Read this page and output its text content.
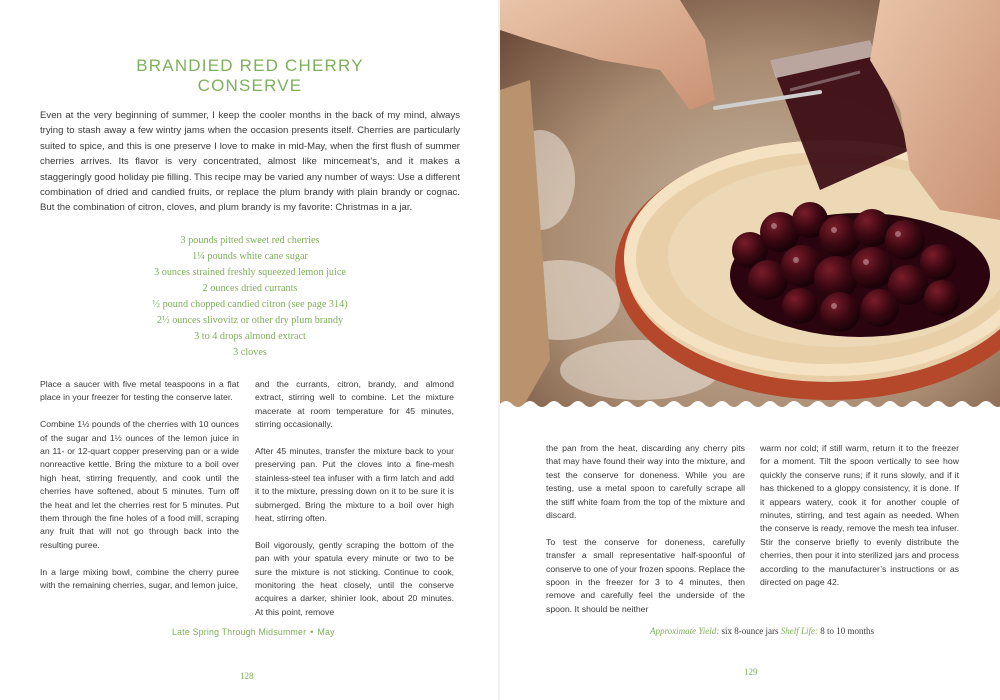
BRANDIED RED CHERRY
CONSERVE

Even at the very beginning of summer, I keep the cooler months in the back of my mind, always trying to stash away a few wintry jams when the occasion presents itself. Cherries are particularly suited to spice, and this is one preserve I love to make in mid-May, when the first flush of summer cherries arrives. Its flavor is very concentrated, almost like mincemeat’s, and it makes a staggeringly good holiday pie filling. This recipe may be varied any number of ways: Use a different combination of dried and candied fruits, or replace the plum brandy with plain brandy or cognac. But the combination of citron, cloves, and plum brandy is my favorite: Christmas in a jar.

3 pounds pitted sweet red cherries
1¼ pounds white cane sugar
3 ounces strained freshly squeezed lemon juice
2 ounces dried currants
½ pound chopped candied citron (see page 314)
2½ ounces slivovitz or other dry plum brandy
3 to 4 drops almond extract
3 cloves

Place a saucer with five metal teaspoons in a flat place in your freezer for testing the conserve later.

Combine 1½ pounds of the cherries with 10 ounces of the sugar and 1½ ounces of the lemon juice in an 11- or 12-quart copper preserving pan or a wide nonreactive kettle. Bring the mixture to a boil over high heat, stirring frequently, and cook until the cherries have softened, about 5 minutes. Turn off the heat and let the cherries rest for 5 minutes. Put them through the fine holes of a food mill, scraping any fruit that will not go through back into the resulting puree.

In a large mixing bowl, combine the cherry puree with the remaining cherries, sugar, and lemon juice,

and the currants, citron, brandy, and almond extract, stirring well to combine. Let the mixture macerate at room temperature for 45 minutes, stirring occasionally.

After 45 minutes, transfer the mixture back to your preserving pan. Put the cloves into a fine-mesh stainless-steel tea infuser with a firm latch and add it to the mixture, pressing down on it to be sure it is submerged. Bring the mixture to a boil over high heat, stirring often.

Boil vigorously, gently scraping the bottom of the pan with your spatula every minute or two to be sure the mixture is not sticking. Continue to cook, monitoring the heat closely, until the conserve acquires a darker, shinier look, about 20 minutes. At this point, remove

Late Spring Through Midsummer • May
128

the pan from the heat, discarding any cherry pits that may have found their way into the mixture, and test the conserve for doneness. While you are testing, use a metal spoon to carefully scrape all the stiff white foam from the top of the mixture and discard.

To test the conserve for doneness, carefully transfer a small representative half-spoonful of conserve to one of your frozen spoons. Replace the spoon in the freezer for 3 to 4 minutes, then remove and carefully feel the underside of the spoon. It should be neither

warm nor cold; if still warm, return it to the freezer for a moment. Tilt the spoon vertically to see how quickly the conserve runs; if it runs slowly, and if it has thickened to a gloppy consistency, it is done. If it appears watery, cook it for another couple of minutes, stirring, and test again as needed. When the conserve is ready, remove the mesh tea infuser. Stir the conserve briefly to evenly distribute the cherries, then pour it into sterilized jars and process according to the manufacturer’s instructions or as directed on page 42.

Approximate Yield: six 8-ounce jars Shelf Life: 8 to 10 months
129
